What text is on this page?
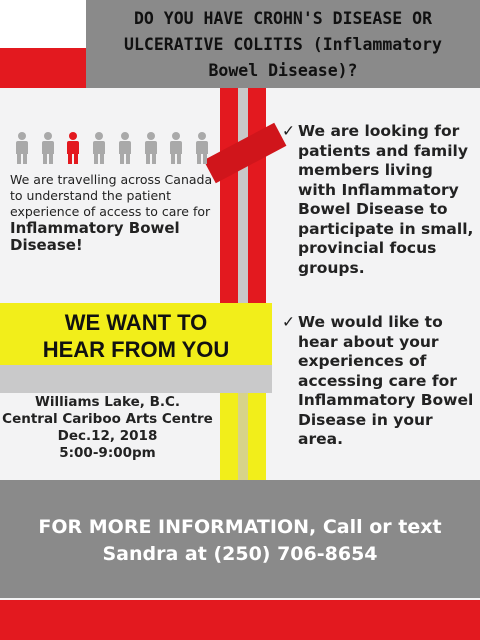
DO YOU HAVE CROHN'S DISEASE OR
ULCERATIVE COLITIS (Inflammatory
Bowel Disease)?
We are travelling across Canada to understand the patient experience of access to care for Inflammatory Bowel Disease!
WE WANT TO
HEAR FROM YOU
Williams Lake, B.C.
Central Cariboo Arts Centre
Dec.12, 2018
5:00-9:00pm
✓ We are looking for patients and family members living with Inflammatory Bowel Disease to participate in small, provincial focus groups.
✓ We would like to hear about your experiences of accessing care for Inflammatory Bowel Disease in your area.
FOR MORE INFORMATION, Call or text
Sandra at (250) 706-8654
